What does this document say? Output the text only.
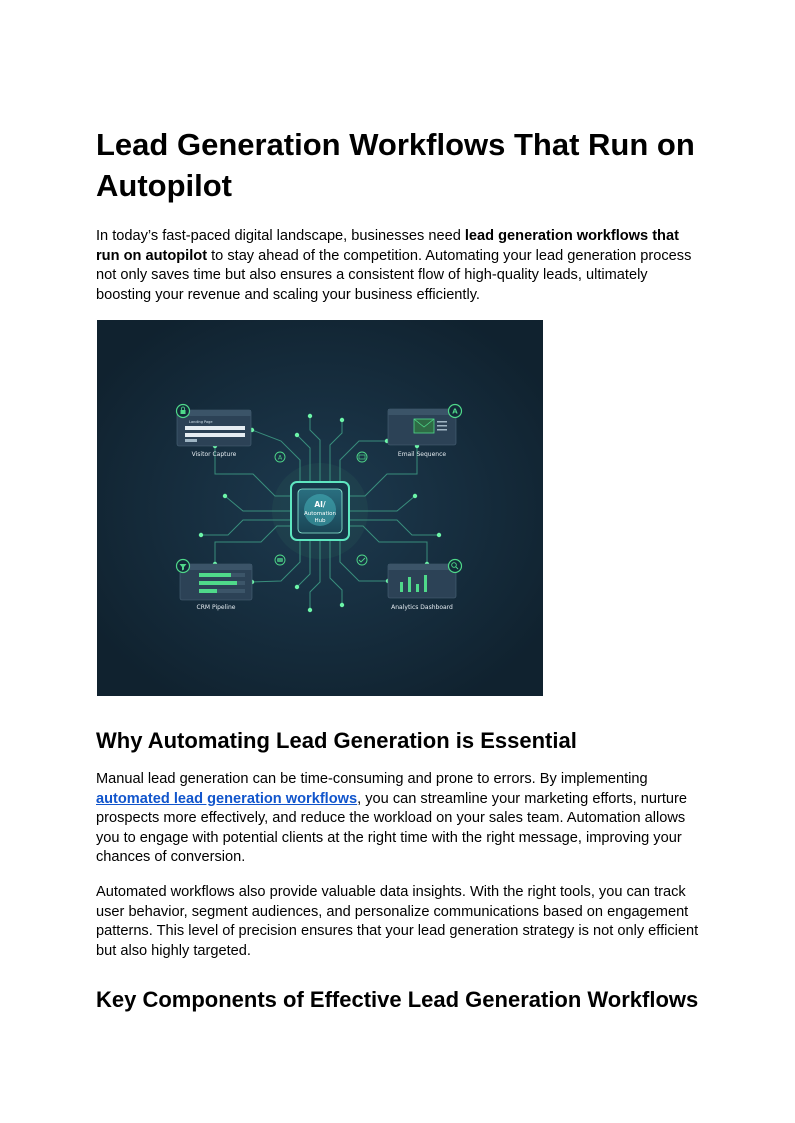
Lead Generation Workflows That Run on Autopilot

In today’s fast-paced digital landscape, businesses need lead generation workflows that run on autopilot to stay ahead of the competition. Automating your lead generation process not only saves time but also ensures a consistent flow of high-quality leads, ultimately boosting your revenue and scaling your business efficiently.

AI/
Automation
Hub
Landing Page
Visitor Capture
A
Email Sequence
CRM Pipeline	Analytics Dashboard
A
Why Automating Lead Generation is Essential

Manual lead generation can be time-consuming and prone to errors. By implementing automated lead generation workflows, you can streamline your marketing efforts, nurture prospects more effectively, and reduce the workload on your sales team. Automation allows you to engage with potential clients at the right time with the right message, improving your chances of conversion.

Automated workflows also provide valuable data insights. With the right tools, you can track user behavior, segment audiences, and personalize communications based on engagement patterns. This level of precision ensures that your lead generation strategy is not only efficient but also highly targeted.

Key Components of Effective Lead Generation Workflows
